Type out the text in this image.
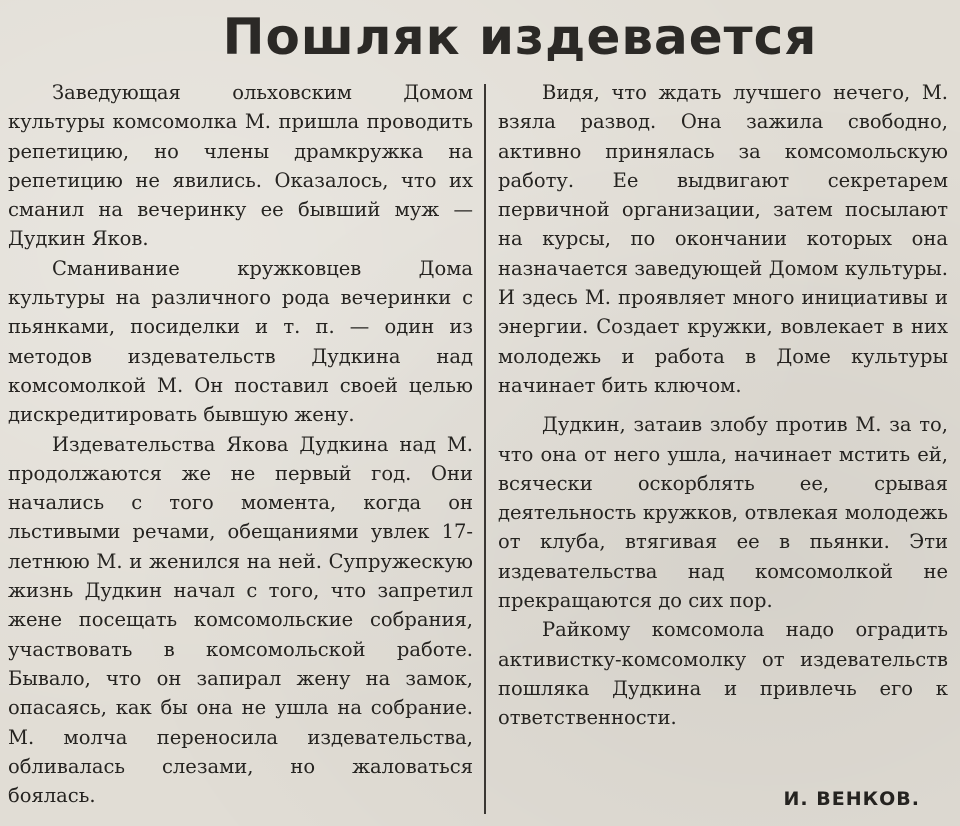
Пошляк издевается

Заведующая ольховским Домом культуры комсомолка М. пришла проводить репетицию, но члены драмкружка на репетицию не явились. Оказалось, что их сманил на вечеринку ее бывший муж — Дудкин Яков.

Сманивание кружковцев Дома культуры на различного рода вечеринки с пьянками, посиделки и т. п. — один из методов издевательств Дудкина над комсомолкой М. Он поставил своей целью дискредитировать бывшую жену.

Издевательства Якова Дудкина над М. продолжаются же не первый год. Они начались с того момента, когда он льстивыми речами, обещаниями увлек 17-летнюю М. и женился на ней. Супружескую жизнь Дудкин начал с того, что запретил жене посещать комсомольские собрания, участвовать в комсомольской работе. Бывало, что он запирал жену на замок, опасаясь, как бы она не ушла на собрание. М. молча переносила издевательства, обливалась слезами, но жаловаться боялась.

Видя, что ждать лучшего нечего, М. взяла развод. Она зажила свободно, активно принялась за комсомольскую работу. Ее выдвигают секретарем первичной организации, затем посылают на курсы, по окончании которых она назначается заведующей Домом культуры. И здесь М. проявляет много инициативы и энергии. Создает кружки, вовлекает в них молодежь и работа в Доме культуры начинает бить ключом.

Дудкин, затаив злобу против М. за то, что она от него ушла, начинает мстить ей, всячески оскорблять ее, срывая деятельность кружков, отвлекая молодежь от клуба, втягивая ее в пьянки. Эти издевательства над комсомолкой не прекращаются до сих пор.

Райкому комсомола надо оградить активистку-комсомолку от издевательств пошляка Дудкина и привлечь его к ответственности.

И. ВЕНКОВ.
